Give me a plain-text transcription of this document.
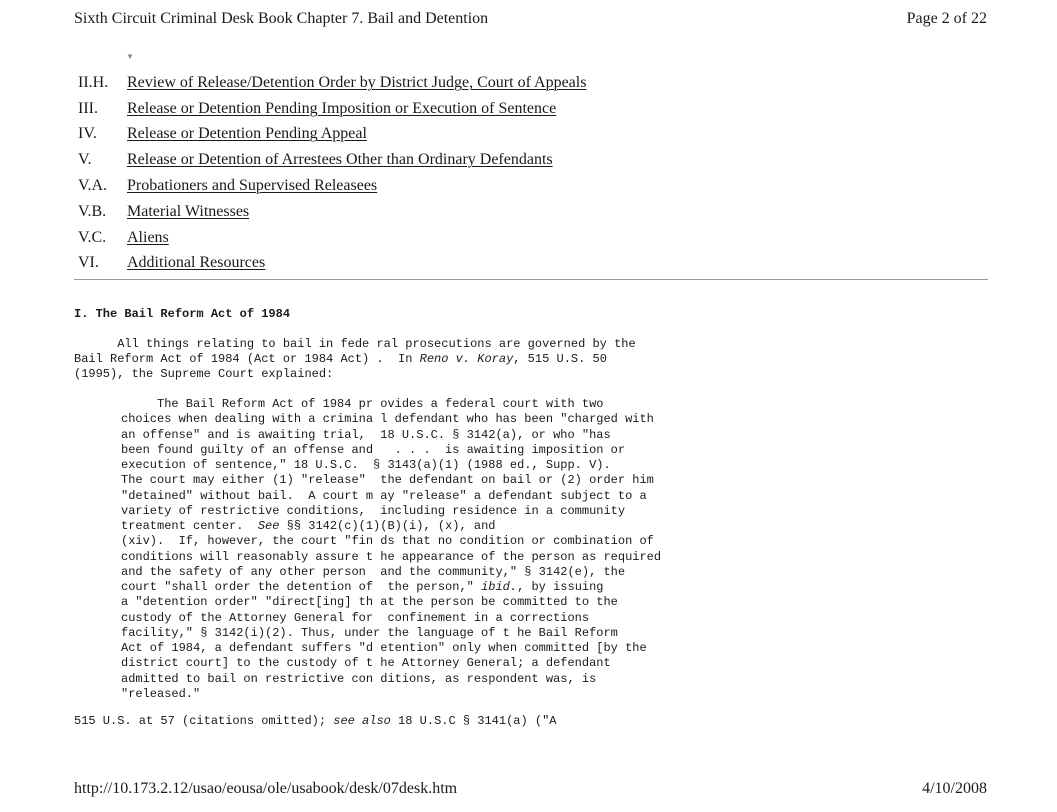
Sixth Circuit Criminal Desk Book Chapter 7. Bail and Detention	Page 2 of 22
▼
II.H.	Review of Release/Detention Order by District Judge, Court of Appeals
III.	Release or Detention Pending Imposition or Execution of Sentence
IV.	Release or Detention Pending Appeal
V.	Release or Detention of Arrestees Other than Ordinary Defendants
V.A.	Probationers and Supervised Releasees
V.B.	Material Witnesses
V.C.	Aliens
VI.	Additional Resources
I. The Bail Reform Act of 1984
All things relating to bail in fede ral prosecutions are governed by the
Bail Reform Act of 1984 (Act or 1984 Act) .  In Reno v. Koray, 515 U.S. 50
(1995), the Supreme Court explained:
The Bail Reform Act of 1984 pr ovides a federal court with two
choices when dealing with a crimina l defendant who has been "charged with
an offense" and is awaiting trial,  18 U.S.C. § 3142(a), or who "has
been found guilty of an offense and   . . .  is awaiting imposition or
execution of sentence," 18 U.S.C.  § 3143(a)(1) (1988 ed., Supp. V).
The court may either (1) "release"  the defendant on bail or (2) order him
"detained" without bail.  A court m ay "release" a defendant subject to a
variety of restrictive conditions,  including residence in a community
treatment center.  See §§ 3142(c)(1)(B)(i), (x), and
(xiv).  If, however, the court "fin ds that no condition or combination of
conditions will reasonably assure t he appearance of the person as required
and the safety of any other person  and the community," § 3142(e), the
court "shall order the detention of  the person," ibid., by issuing
a "detention order" "direct[ing] th at the person be committed to the
custody of the Attorney General for  confinement in a corrections
facility," § 3142(i)(2). Thus, under the language of t he Bail Reform
Act of 1984, a defendant suffers "d etention" only when committed [by the
district court] to the custody of t he Attorney General; a defendant
admitted to bail on restrictive con ditions, as respondent was, is
"released."
515 U.S. at 57 (citations omitted); see also 18 U.S.C § 3141(a) ("A
http://10.173.2.12/usao/eousa/ole/usabook/desk/07desk.htm	4/10/2008
